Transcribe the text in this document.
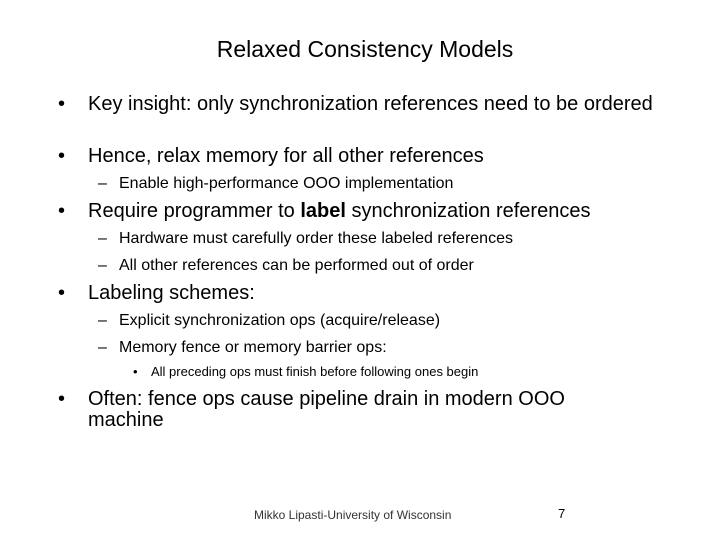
Relaxed Consistency Models
• Key insight: only synchronization references need to be ordered
• Hence, relax memory for all other references
– Enable high-performance OOO implementation
• Require programmer to label synchronization references
– Hardware must carefully order these labeled references
– All other references can be performed out of order
• Labeling schemes:
– Explicit synchronization ops (acquire/release)
– Memory fence or memory barrier ops:
• All preceding ops must finish before following ones begin
• Often: fence ops cause pipeline drain in modern OOO machine
Mikko Lipasti-University of Wisconsin	7
